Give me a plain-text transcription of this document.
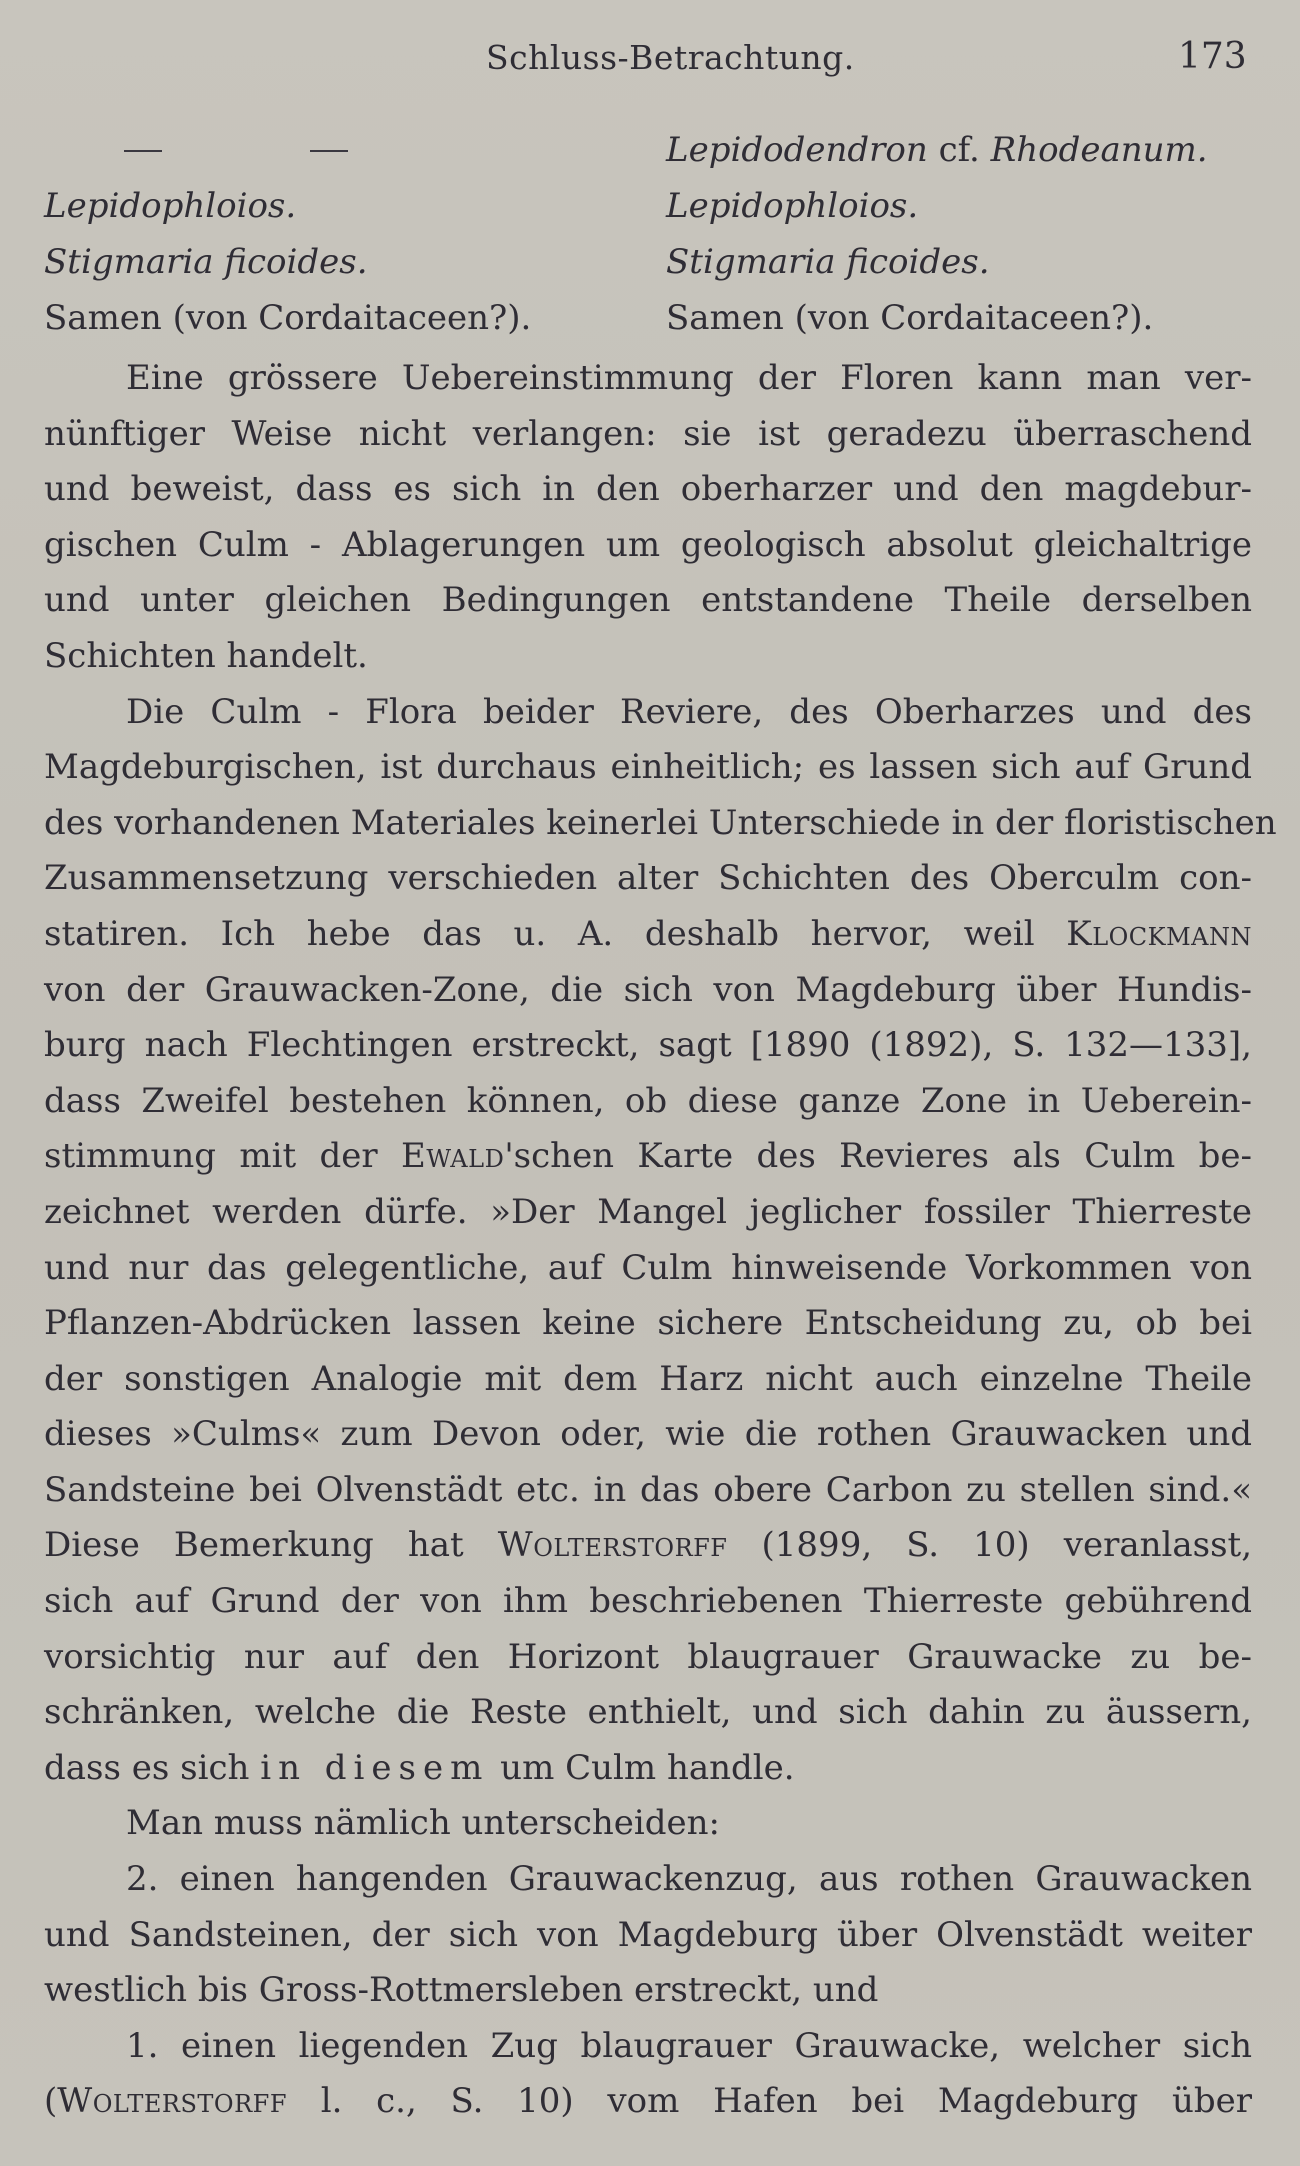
Schluss-Betrachtung.	173
Lepidophloios.
Stigmaria ficoides.
Samen (von Cordaitaceen?).
Lepidodendron cf. Rhodeanum.
Lepidophloios.
Stigmaria ficoides.
Samen (von Cordaitaceen?).
Eine grössere Uebereinstimmung der Floren kann man ver-
nünftiger Weise nicht verlangen: sie ist geradezu überraschend
und beweist, dass es sich in den oberharzer und den magdebur-
gischen Culm - Ablagerungen um geologisch absolut gleichaltrige
und unter gleichen Bedingungen entstandene Theile derselben
Schichten handelt.
Die Culm - Flora beider Reviere, des Oberharzes und des
Magdeburgischen, ist durchaus einheitlich; es lassen sich auf Grund
des vorhandenen Materiales keinerlei Unterschiede in der floristischen
Zusammensetzung verschieden alter Schichten des Oberculm con-
statiren. Ich hebe das u. A. deshalb hervor, weil Klockmann
von der Grauwacken-Zone, die sich von Magdeburg über Hundis-
burg nach Flechtingen erstreckt, sagt [1890 (1892), S. 132—133],
dass Zweifel bestehen können, ob diese ganze Zone in Ueberein-
stimmung mit der Ewald'schen Karte des Revieres als Culm be-
zeichnet werden dürfe. »Der Mangel jeglicher fossiler Thierreste
und nur das gelegentliche, auf Culm hinweisende Vorkommen von
Pflanzen-Abdrücken lassen keine sichere Entscheidung zu, ob bei
der sonstigen Analogie mit dem Harz nicht auch einzelne Theile
dieses »Culms« zum Devon oder, wie die rothen Grauwacken und
Sandsteine bei Olvenstädt etc. in das obere Carbon zu stellen sind.«
Diese Bemerkung hat Wolterstorff (1899, S. 10) veranlasst,
sich auf Grund der von ihm beschriebenen Thierreste gebührend
vorsichtig nur auf den Horizont blaugrauer Grauwacke zu be-
schränken, welche die Reste enthielt, und sich dahin zu äussern,
dass es sich in diesem um Culm handle.
Man muss nämlich unterscheiden:
2. einen hangenden Grauwackenzug, aus rothen Grauwacken
und Sandsteinen, der sich von Magdeburg über Olvenstädt weiter
westlich bis Gross-Rottmersleben erstreckt, und
1. einen liegenden Zug blaugrauer Grauwacke, welcher sich
(Wolterstorff l. c., S. 10) vom Hafen bei Magdeburg über
